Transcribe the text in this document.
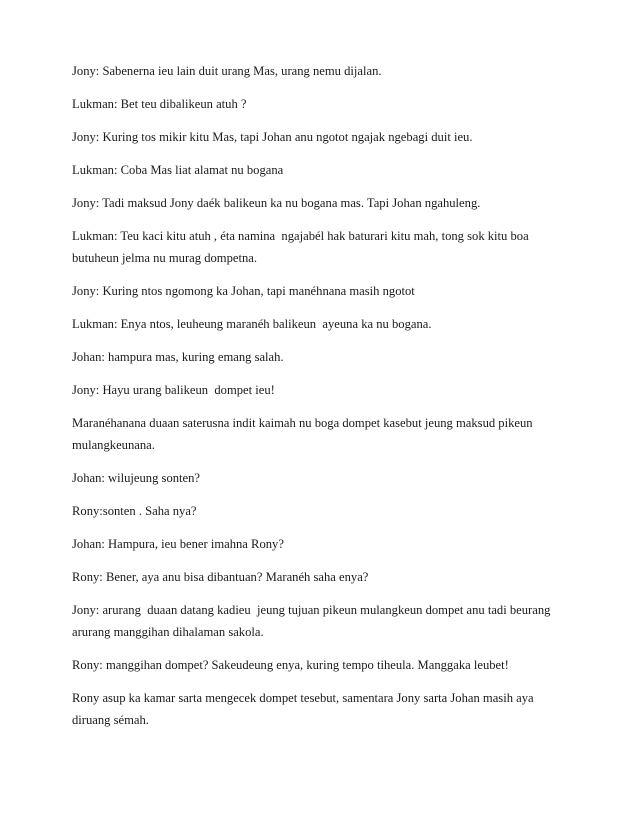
Jony: Sabenerna ieu lain duit urang Mas, urang nemu dijalan.

Lukman: Bet teu dibalikeun atuh ?

Jony: Kuring tos mikir kitu Mas, tapi Johan anu ngotot ngajak ngebagi duit ieu.

Lukman: Coba Mas liat alamat nu bogana

Jony: Tadi maksud Jony daék balikeun ka nu bogana mas. Tapi Johan ngahuleng.

Lukman: Teu kaci kitu atuh , éta namina  ngajabél hak baturari kitu mah, tong sok kitu boa butuheun jelma nu murag dompetna.

Jony: Kuring ntos ngomong ka Johan, tapi manéhnana masih ngotot

Lukman: Enya ntos, leuheung maranéh balikeun  ayeuna ka nu bogana.

Johan: hampura mas, kuring emang salah.

Jony: Hayu urang balikeun  dompet ieu!

Maranéhanana duaan saterusna indit kaimah nu boga dompet kasebut jeung maksud pikeun mulangkeunana.

Johan: wilujeung sonten?

Rony:sonten . Saha nya?

Johan: Hampura, ieu bener imahna Rony?

Rony: Bener, aya anu bisa dibantuan? Maranéh saha enya?

Jony: arurang  duaan datang kadieu  jeung tujuan pikeun mulangkeun dompet anu tadi beurang arurang manggihan dihalaman sakola.

Rony: manggihan dompet? Sakeudeung enya, kuring tempo tiheula. Manggaka leubet!

Rony asup ka kamar sarta mengecek dompet tesebut, samentara Jony sarta Johan masih aya diruang sémah.
